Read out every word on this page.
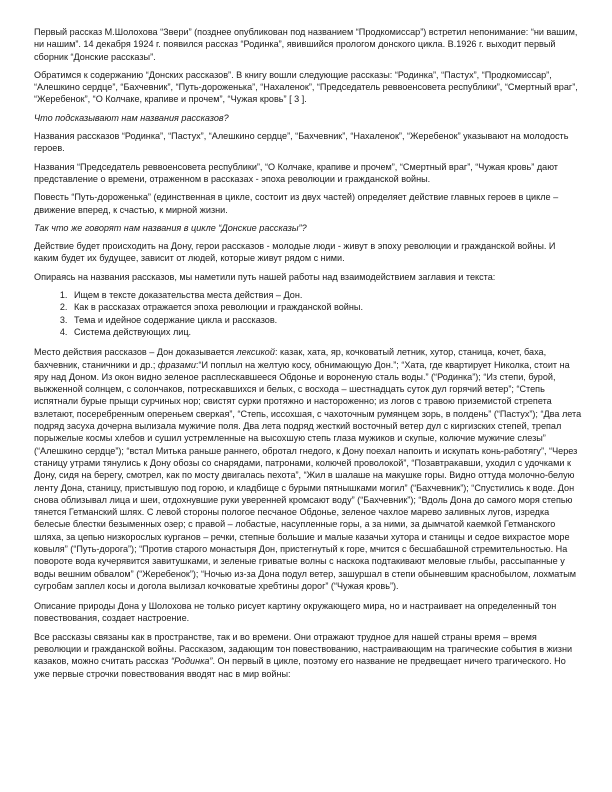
Первый рассказ М.Шолохова “Звери” (позднее опубликован под названием “Продкомиссар”) встретил непонимание: “ни вашим, ни нашим”. 14 декабря 1924 г. появился рассказ “Родинка”, явившийся прологом донского цикла. В.1926 г. выходит первый сборник “Донские рассказы”.

Обратимся к содержанию “Донских рассказов”. В книгу вошли следующие рассказы: “Родинка”, “Пастух”, “Продкомиссар”, “Алешкино сердце”, “Бахчевник”, “Путь-дороженька”, “Нахаленок”, “Председатель реввоенсовета республики”, “Смертный враг”, “Жеребенок”, “О Колчаке, крапиве и прочем”, “Чужая кровь” [ 3 ].

Что подсказывают нам названия рассказов?

Названия рассказов “Родинка”, “Пастух”, “Алешкино сердце”, “Бахчевник”, “Нахаленок”, “Жеребенок” указывают на молодость героев.

Названия “Председатель реввоенсовета республики”, “О Колчаке, крапиве и прочем”, “Смертный враг”, “Чужая кровь” дают представление о времени, отраженном в рассказах - эпоха революции и гражданской войны.

Повесть “Путь-дороженька” (единственная в цикле, состоит из двух частей) определяет действие главных героев в цикле – движение вперед, к счастью, к мирной жизни.

Так что же говорят нам названия в цикле “Донские рассказы”?

Действие будет происходить на Дону, герои рассказов - молодые люди - живут в эпоху революции и гражданской войны. И каким будет их будущее, зависит от людей, которые живут рядом с ними.

Опираясь на названия рассказов, мы наметили путь нашей работы над взаимодействием заглавия и текста:

1. Ищем в тексте доказательства места действия – Дон.
2. Как в рассказах отражается эпоха революции и гражданской войны.
3. Тема и идейное содержание цикла и рассказов.
4. Система действующих лиц.

Место действия рассказов – Дон доказывается лексикой: казак, хата, яр, кочковатый летник, хутор, станица, кочет, баха, бахчевник, станичники и др.; фразами:“И поплыл на желтую косу, обнимающую Дон.”; “Хата, где квартирует Николка, стоит на яру над Доном. Из окон видно зеленое расплескавшееся Обдонье и вороненую сталь воды.” (“Родинка”); “Из степи, бурой, выжженной солнцем, с солончаков, потрескавшихся и белых, с восхода – шестнадцать суток дул горячий ветер”; “Степь испятнали бурые прыщи сурчиных нор; свистят сурки протяжно и настороженно; из логов с травою приземистой стрепета взлетают, посеребренным опереньем сверкая”, “Степь, иссохшая, с чахоточным румянцем зорь, в полдень” (“Пастух”); “Два лета подряд засуха дочерна вылизала мужичие поля. Два лета подряд жесткий восточный ветер дул с киргизских степей, трепал порыжелые космы хлебов и сушил устремленные на высохшую степь глаза мужиков и скупые, колючие мужичие слезы” (“Алешкино сердце”); “встал Митька раньше раннего, обротал гнедого, к Дону поехал напоить и искупать конь-работягу”, “Через станицу утрами тянулись к Дону обозы со снарядами, патронами, колючей проволокой”, “Позавтракавши, уходил с удочками к Дону, сидя на берегу, смотрел, как по мосту двигалась пехота”, “Жил в шалаше на макушке горы. Видно оттуда молочно-белую ленту Дона, станицу, пристывшую под горою, и кладбище с бурыми пятнышками могил” (“Бахчевник”); “Спустились к воде. Дон снова облизывал лица и шеи, отдохнувшие руки уверенней кромсают воду” (“Бахчевник”); “Вдоль Дона до самого моря степью тянется Гетманский шлях. С левой стороны пологое песчаное Обдонье, зеленое чахлое марево заливных лугов, изредка белесые блестки безыменных озер; с правой – лобастые, насупленные горы, а за ними, за дымчатой каемкой Гетманского шляха, за цепью низкорослых курганов – речки, степные большие и малые казачьи хутора и станицы и седое вихрастое море ковыля” (“Путь-дорога”); “Против старого монастыря Дон, пристегнутый к горе, мчится с бесшабашной стремительностью. На повороте вода кучерявится завитушками, и зеленые гриватые волны с наскока подтакивают меловые глыбы, рассыпанные у воды вешним обвалом” (“Жеребенок”); “Ночью из-за Дона подул ветер, зашуршал в степи обыневшим краснобылом, лохматым сугробам заплел косы и догола вылизал кочковатые хребтины дорог” (“Чужая кровь”).

Описание природы Дона у Шолохова не только рисует картину окружающего мира, но и настраивает на определенный тон повествования, создает настроение.

Все рассказы связаны как в пространстве, так и во времени. Они отражают трудное для нашей страны время – время революции и гражданской войны. Рассказом, задающим тон повествованию, настраивающим на трагические события в жизни казаков, можно считать рассказ “Родинка”. Он первый в цикле, поэтому его название не предвещает ничего трагического. Но уже первые строчки повествования вводят нас в мир войны:
